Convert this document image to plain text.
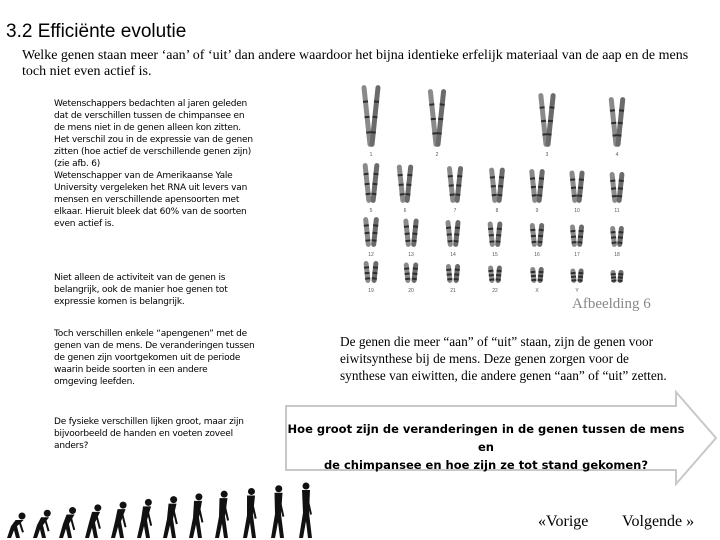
3.2 Efficiënte evolutie
Welke genen staan meer ‘aan’ of ‘uit’ dan andere waardoor het bijna identieke erfelijk materiaal van de aap en de mens toch niet even actief is.
Wetenschappers bedachten al jaren geleden
dat de verschillen tussen de chimpansee en
de mens niet in de genen alleen kon zitten.
Het verschil zou in de expressie van de genen
zitten (hoe actief de verschillende genen zijn)
(zie afb. 6)
Wetenschapper van de Amerikaanse Yale
University vergeleken het RNA uit levers van
mensen en verschillende apensoorten met
elkaar. Hieruit bleek dat 60% van de soorten
even actief is.
Niet alleen de activiteit van de genen is
belangrijk, ook de manier hoe genen tot
expressie komen is belangrijk.
Toch verschillen enkele “apengenen” met de
genen van de mens. De veranderingen tussen
de genen zijn voortgekomen uit de periode
waarin beide soorten in een andere
omgeving leefden.
De fysieke verschillen lijken groot, maar zijn
bijvoorbeeld de handen en voeten zoveel
anders?
1	2	3	4
5	6	7	8	9	10	11
12	13	14	15	16	17	18
19	20	21	22	X	Y
Afbeelding 6
De genen die meer “aan” of “uit” staan, zijn de genen voor
eiwitsynthese bij de mens. Deze genen zorgen voor de
synthese van eiwitten, die andere genen “aan” of “uit” zetten.
Hoe groot zijn de veranderingen in de genen tussen de mens en
de chimpansee en hoe zijn ze tot stand gekomen?
«Vorige Volgende »
